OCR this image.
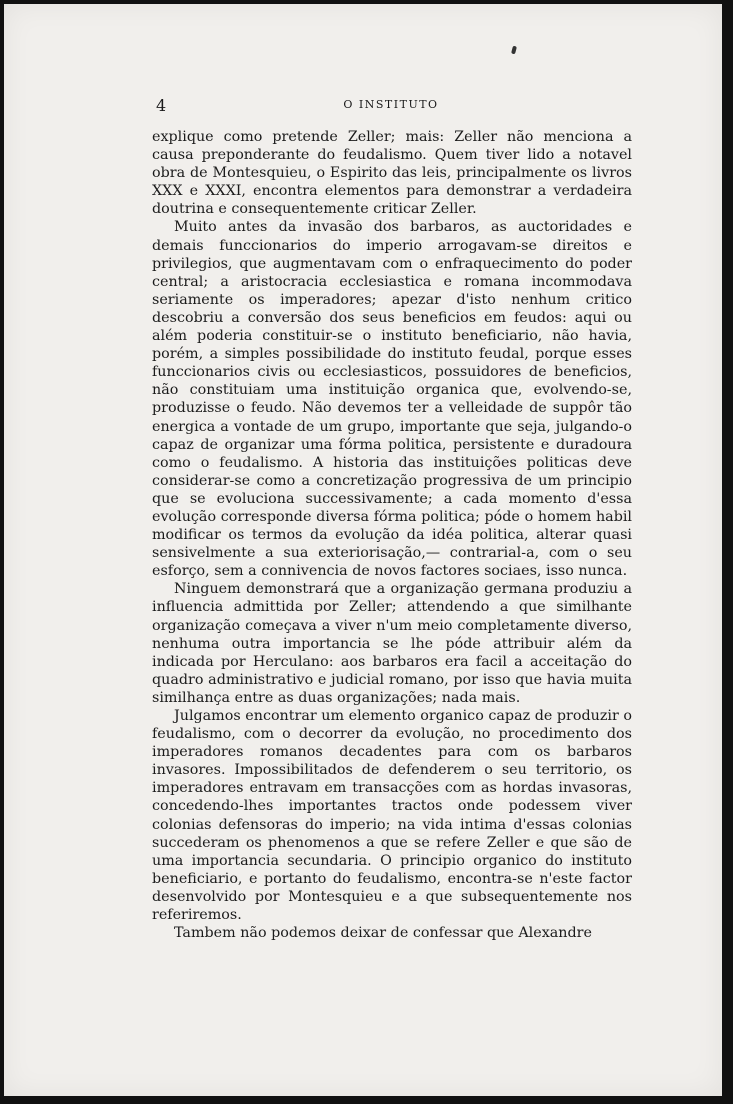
4	O INSTITUTO

explique como pretende Zeller; mais: Zeller não menciona a causa preponderante do feudalismo. Quem tiver lido a notavel obra de Montesquieu, o Espirito das leis, principalmente os livros XXX e XXXI, encontra elementos para demonstrar a verdadeira doutrina e consequentemente criticar Zeller.

Muito antes da invasão dos barbaros, as auctoridades e demais funccionarios do imperio arrogavam-se direitos e privilegios, que augmentavam com o enfraquecimento do poder central; a aristocracia ecclesiastica e romana incommodava seriamente os imperadores; apezar d'isto nenhum critico descobriu a conversão dos seus beneficios em feudos: aqui ou além poderia constituir-se o instituto beneficiario, não havia, porém, a simples possibilidade do instituto feudal, porque esses funccionarios civis ou ecclesiasticos, possuidores de beneficios, não constituiam uma instituição organica que, evolvendo-se, produzisse o feudo. Não devemos ter a velleidade de suppôr tão energica a vontade de um grupo, importante que seja, julgando-o capaz de organizar uma fórma politica, persistente e duradoura como o feudalismo. A historia das instituições politicas deve considerar-se como a concretização progressiva de um principio que se evoluciona successivamente; a cada momento d'essa evolução corresponde diversa fórma politica; póde o homem habil modificar os termos da evolução da idéa politica, alterar quasi sensivelmente a sua exteriorisação,— contrarial-a, com o seu esforço, sem a connivencia de novos factores sociaes, isso nunca.

Ninguem demonstrará que a organização germana produziu a influencia admittida por Zeller; attendendo a que similhante organização começava a viver n'um meio completamente diverso, nenhuma outra importancia se lhe póde attribuir além da indicada por Herculano: aos barbaros era facil a acceitação do quadro administrativo e judicial romano, por isso que havia muita similhança entre as duas organizações; nada mais.

Julgamos encontrar um elemento organico capaz de produzir o feudalismo, com o decorrer da evolução, no procedimento dos imperadores romanos decadentes para com os barbaros invasores. Impossibilitados de defenderem o seu territorio, os imperadores entravam em transacções com as hordas invasoras, concedendo-lhes importantes tractos onde podessem viver colonias defensoras do imperio; na vida intima d'essas colonias succederam os phenomenos a que se refere Zeller e que são de uma importancia secundaria. O principio organico do instituto beneficiario, e portanto do feudalismo, encontra-se n'este factor desenvolvido por Montesquieu e a que subsequentemente nos referiremos.

Tambem não podemos deixar de confessar que Alexandre
